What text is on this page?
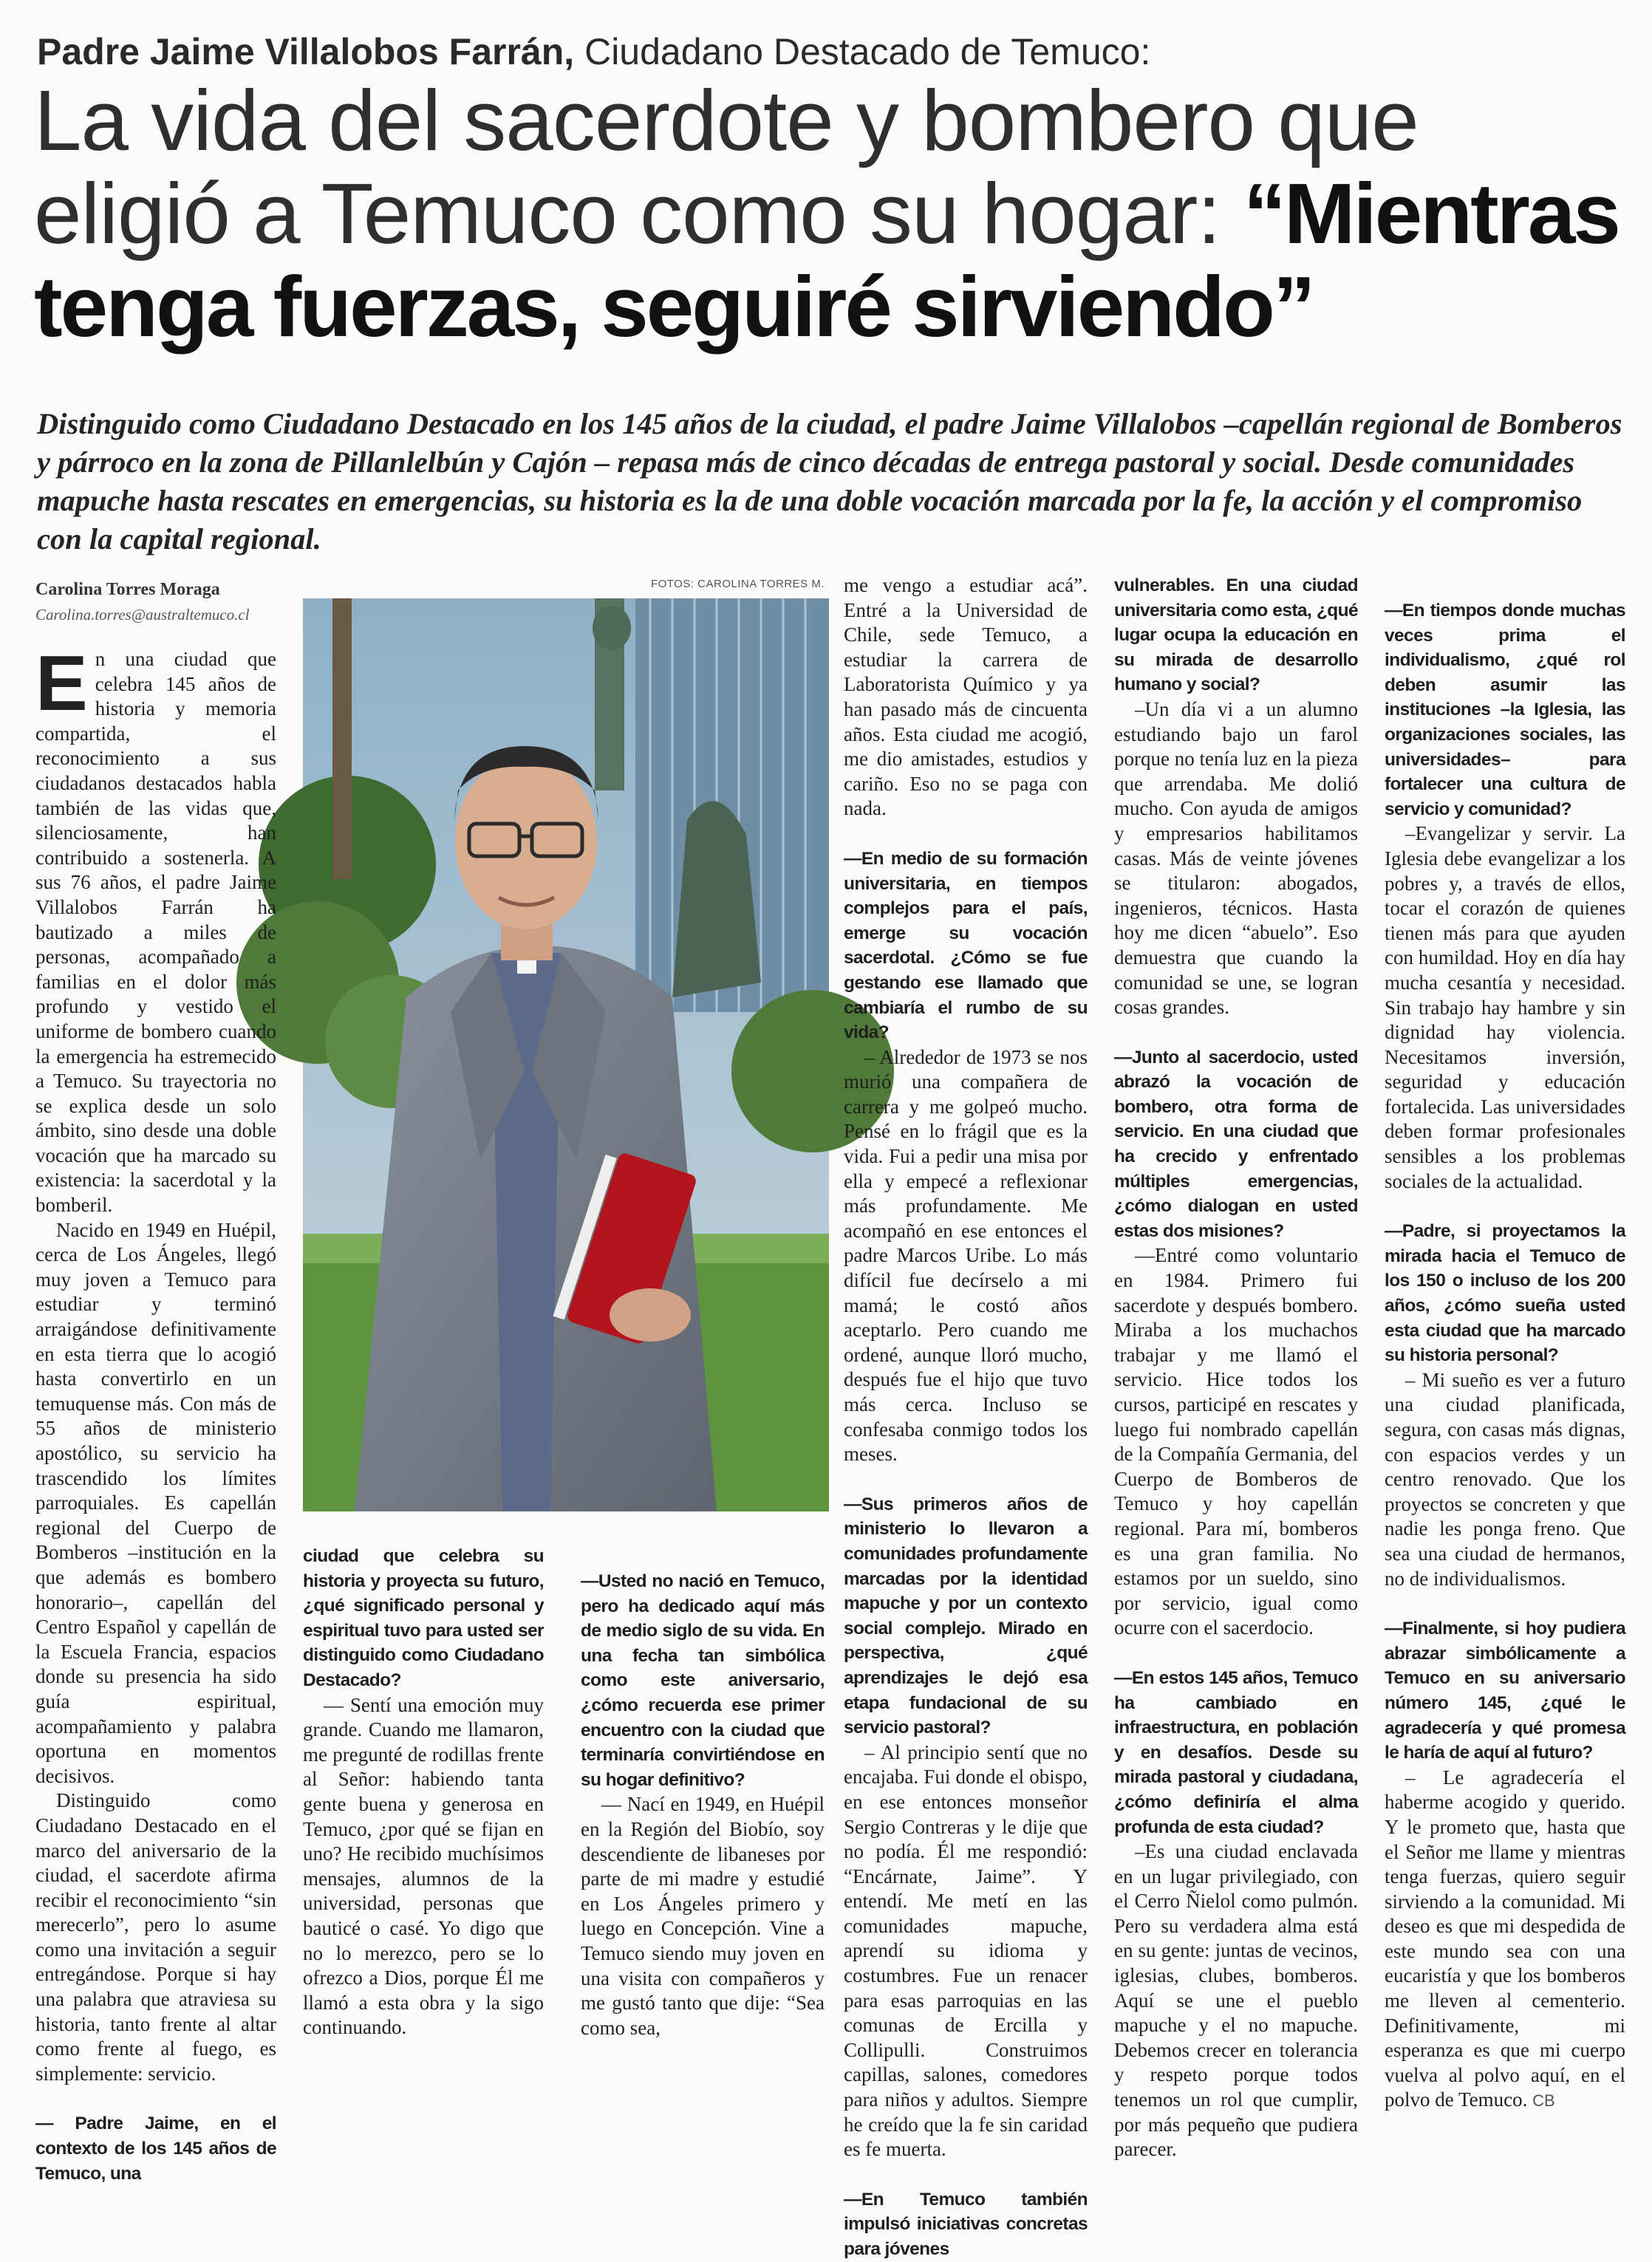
Padre Jaime Villalobos Farrán, Ciudadano Destacado de Temuco:
La vida del sacerdote y bombero que eligió a Temuco como su hogar: “Mientras tenga fuerzas, seguiré sirviendo”
Distinguido como Ciudadano Destacado en los 145 años de la ciudad, el padre Jaime Villalobos –capellán regional de Bomberos y párroco en la zona de Pillanlelbún y Cajón – repasa más de cinco décadas de entrega pastoral y social. Desde comunidades mapuche hasta rescates en emergencias, su historia es la de una doble vocación marcada por la fe, la acción y el compromiso con la capital regional.
Carolina Torres Moraga
Carolina.torres@australtemuco.cl
FOTOS: CAROLINA TORRES M.

En una ciudad que celebra 145 años de historia y memoria compartida, el reconocimiento a sus ciudadanos destacados habla también de las vidas que, silenciosamente, han contribuido a sostenerla. A sus 76 años, el padre Jaime Villalobos Farrán ha bautizado a miles de personas, acompañado a familias en el dolor más profundo y vestido el uniforme de bombero cuando la emergencia ha estremecido a Temuco. Su trayectoria no se explica desde un solo ámbito, sino desde una doble vocación que ha marcado su existencia: la sacerdotal y la bomberil.

Nacido en 1949 en Huépil, cerca de Los Ángeles, llegó muy joven a Temuco para estudiar y terminó arraigándose definitivamente en esta tierra que lo acogió hasta convertirlo en un temuquense más. Con más de 55 años de ministerio apostólico, su servicio ha trascendido los límites parroquiales. Es capellán regional del Cuerpo de Bomberos –institución en la que además es bombero honorario–, capellán del Centro Español y capellán de la Escuela Francia, espacios donde su presencia ha sido guía espiritual, acompañamiento y palabra oportuna en momentos decisivos.

Distinguido como Ciudadano Destacado en el marco del aniversario de la ciudad, el sacerdote afirma recibir el reconocimiento “sin merecerlo”, pero lo asume como una invitación a seguir entregándose. Porque si hay una palabra que atraviesa su historia, tanto frente al altar como frente al fuego, es simplemente: servicio.

— Padre Jaime, en el contexto de los 145 años de Temuco, una

ciudad que celebra su historia y proyecta su futuro, ¿qué significado personal y espiritual tuvo para usted ser distinguido como Ciudadano Destacado?

— Sentí una emoción muy grande. Cuando me llamaron, me pregunté de rodillas frente al Señor: habiendo tanta gente buena y generosa en Temuco, ¿por qué se fijan en uno? He recibido muchísimos mensajes, alumnos de la universidad, personas que bauticé o casé. Yo digo que no lo merezco, pero se lo ofrezco a Dios, porque Él me llamó a esta obra y la sigo continuando.

—Usted no nació en Temuco, pero ha dedicado aquí más de medio siglo de su vida. En una fecha tan simbólica como este aniversario, ¿cómo recuerda ese primer encuentro con la ciudad que terminaría convirtiéndose en su hogar definitivo?

— Nací en 1949, en Huépil en la Región del Biobío, soy descendiente de libaneses por parte de mi madre y estudié en Los Ángeles primero y luego en Concepción. Vine a Temuco siendo muy joven en una visita con compañeros y me gustó tanto que dije: “Sea como sea,

me vengo a estudiar acá”. Entré a la Universidad de Chile, sede Temuco, a estudiar la carrera de Laboratorista Químico y ya han pasado más de cincuenta años. Esta ciudad me acogió, me dio amistades, estudios y cariño. Eso no se paga con nada.

—En medio de su formación universitaria, en tiempos complejos para el país, emerge su vocación sacerdotal. ¿Cómo se fue gestando ese llamado que cambiaría el rumbo de su vida?

– Alrededor de 1973 se nos murió una compañera de carrera y me golpeó mucho. Pensé en lo frágil que es la vida. Fui a pedir una misa por ella y empecé a reflexionar más profundamente. Me acompañó en ese entonces el padre Marcos Uribe. Lo más difícil fue decírselo a mi mamá; le costó años aceptarlo. Pero cuando me ordené, aunque lloró mucho, después fue el hijo que tuvo más cerca. Incluso se confesaba conmigo todos los meses.

—Sus primeros años de ministerio lo llevaron a comunidades profundamente marcadas por la identidad mapuche y por un contexto social complejo. Mirado en perspectiva, ¿qué aprendizajes le dejó esa etapa fundacional de su servicio pastoral?

– Al principio sentí que no encajaba. Fui donde el obispo, en ese entonces monseñor Sergio Contreras y le dije que no podía. Él me respondió: “Encárnate, Jaime”. Y entendí. Me metí en las comunidades mapuche, aprendí su idioma y costumbres. Fue un renacer para esas parroquias en las comunas de Ercilla y Collipulli. Construimos capillas, salones, comedores para niños y adultos. Siempre he creído que la fe sin caridad es fe muerta.

—En Temuco también impulsó iniciativas concretas para jóvenes

vulnerables. En una ciudad universitaria como esta, ¿qué lugar ocupa la educación en su mirada de desarrollo humano y social?

–Un día vi a un alumno estudiando bajo un farol porque no tenía luz en la pieza que arrendaba. Me dolió mucho. Con ayuda de amigos y empresarios habilitamos casas. Más de veinte jóvenes se titularon: abogados, ingenieros, técnicos. Hasta hoy me dicen “abuelo”. Eso demuestra que cuando la comunidad se une, se logran cosas grandes.

—Junto al sacerdocio, usted abrazó la vocación de bombero, otra forma de servicio. En una ciudad que ha crecido y enfrentado múltiples emergencias, ¿cómo dialogan en usted estas dos misiones?

—Entré como voluntario en 1984. Primero fui sacerdote y después bombero. Miraba a los muchachos trabajar y me llamó el servicio. Hice todos los cursos, participé en rescates y luego fui nombrado capellán de la Compañía Germania, del Cuerpo de Bomberos de Temuco y hoy capellán regional. Para mí, bomberos es una gran familia. No estamos por un sueldo, sino por servicio, igual como ocurre con el sacerdocio.

—En estos 145 años, Temuco ha cambiado en infraestructura, en población y en desafíos. Desde su mirada pastoral y ciudadana, ¿cómo definiría el alma profunda de esta ciudad?

–Es una ciudad enclavada en un lugar privilegiado, con el Cerro Ñielol como pulmón. Pero su verdadera alma está en su gente: juntas de vecinos, iglesias, clubes, bomberos. Aquí se une el pueblo mapuche y el no mapuche. Debemos crecer en tolerancia y respeto porque todos tenemos un rol que cumplir, por más pequeño que pudiera parecer.

—En tiempos donde muchas veces prima el individualismo, ¿qué rol deben asumir las instituciones –la Iglesia, las organizaciones sociales, las universidades– para fortalecer una cultura de servicio y comunidad?

–Evangelizar y servir. La Iglesia debe evangelizar a los pobres y, a través de ellos, tocar el corazón de quienes tienen más para que ayuden con humildad. Hoy en día hay mucha cesantía y necesidad. Sin trabajo hay hambre y sin dignidad hay violencia. Necesitamos inversión, seguridad y educación fortalecida. Las universidades deben formar profesionales sensibles a los problemas sociales de la actualidad.

—Padre, si proyectamos la mirada hacia el Temuco de los 150 o incluso de los 200 años, ¿cómo sueña usted esta ciudad que ha marcado su historia personal?

– Mi sueño es ver a futuro una ciudad planificada, segura, con casas más dignas, con espacios verdes y un centro renovado. Que los proyectos se concreten y que nadie les ponga freno. Que sea una ciudad de hermanos, no de individualismos.

—Finalmente, si hoy pudiera abrazar simbólicamente a Temuco en su aniversario número 145, ¿qué le agradecería y qué promesa le haría de aquí al futuro?

– Le agradecería el haberme acogido y querido. Y le prometo que, hasta que el Señor me llame y mientras tenga fuerzas, quiero seguir sirviendo a la comunidad. Mi deseo es que mi despedida de este mundo sea con una eucaristía y que los bomberos me lleven al cementerio. Definitivamente, mi esperanza es que mi cuerpo vuelva al polvo aquí, en el polvo de Temuco. CB
